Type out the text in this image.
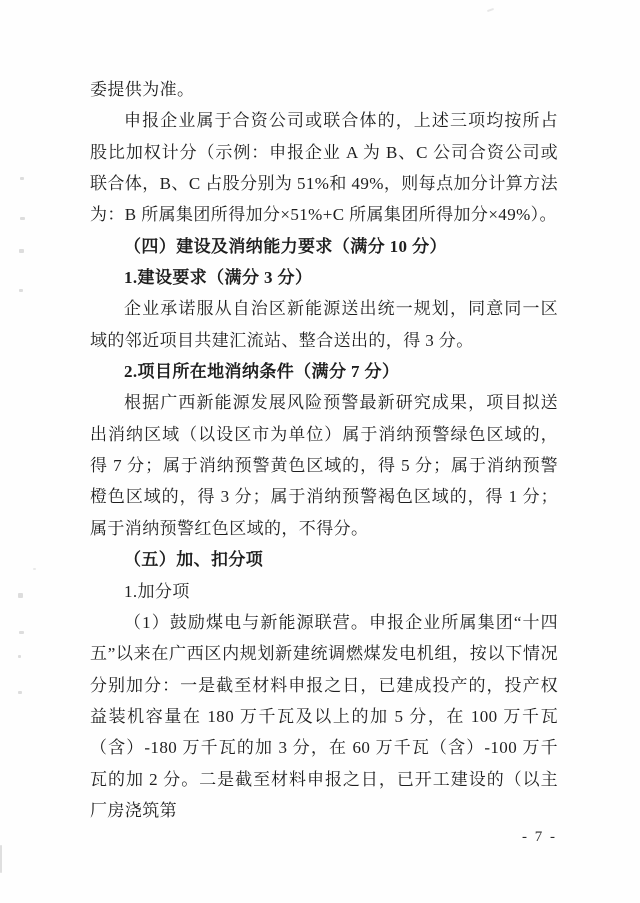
委提供为准。

申报企业属于合资公司或联合体的，上述三项均按所占股比加权计分（示例：申报企业 A 为 B、C 公司合资公司或联合体，B、C 占股分别为 51%和 49%，则每点加分计算方法为：B 所属集团所得加分×51%+C 所属集团所得加分×49%）。

（四）建设及消纳能力要求（满分 10 分）

1.建设要求（满分 3 分）

企业承诺服从自治区新能源送出统一规划，同意同一区域的邻近项目共建汇流站、整合送出的，得 3 分。

2.项目所在地消纳条件（满分 7 分）

根据广西新能源发展风险预警最新研究成果，项目拟送出消纳区域（以设区市为单位）属于消纳预警绿色区域的，得 7 分；属于消纳预警黄色区域的，得 5 分；属于消纳预警橙色区域的，得 3 分；属于消纳预警褐色区域的，得 1 分；属于消纳预警红色区域的，不得分。

（五）加、扣分项

1.加分项

（1）鼓励煤电与新能源联营。申报企业所属集团“十四五”以来在广西区内规划新建统调燃煤发电机组，按以下情况分别加分：一是截至材料申报之日，已建成投产的，投产权益装机容量在 180 万千瓦及以上的加 5 分，在 100 万千瓦（含）-180 万千瓦的加 3 分，在 60 万千瓦（含）-100 万千瓦的加 2 分。二是截至材料申报之日，已开工建设的（以主厂房浇筑第

- 7 -
